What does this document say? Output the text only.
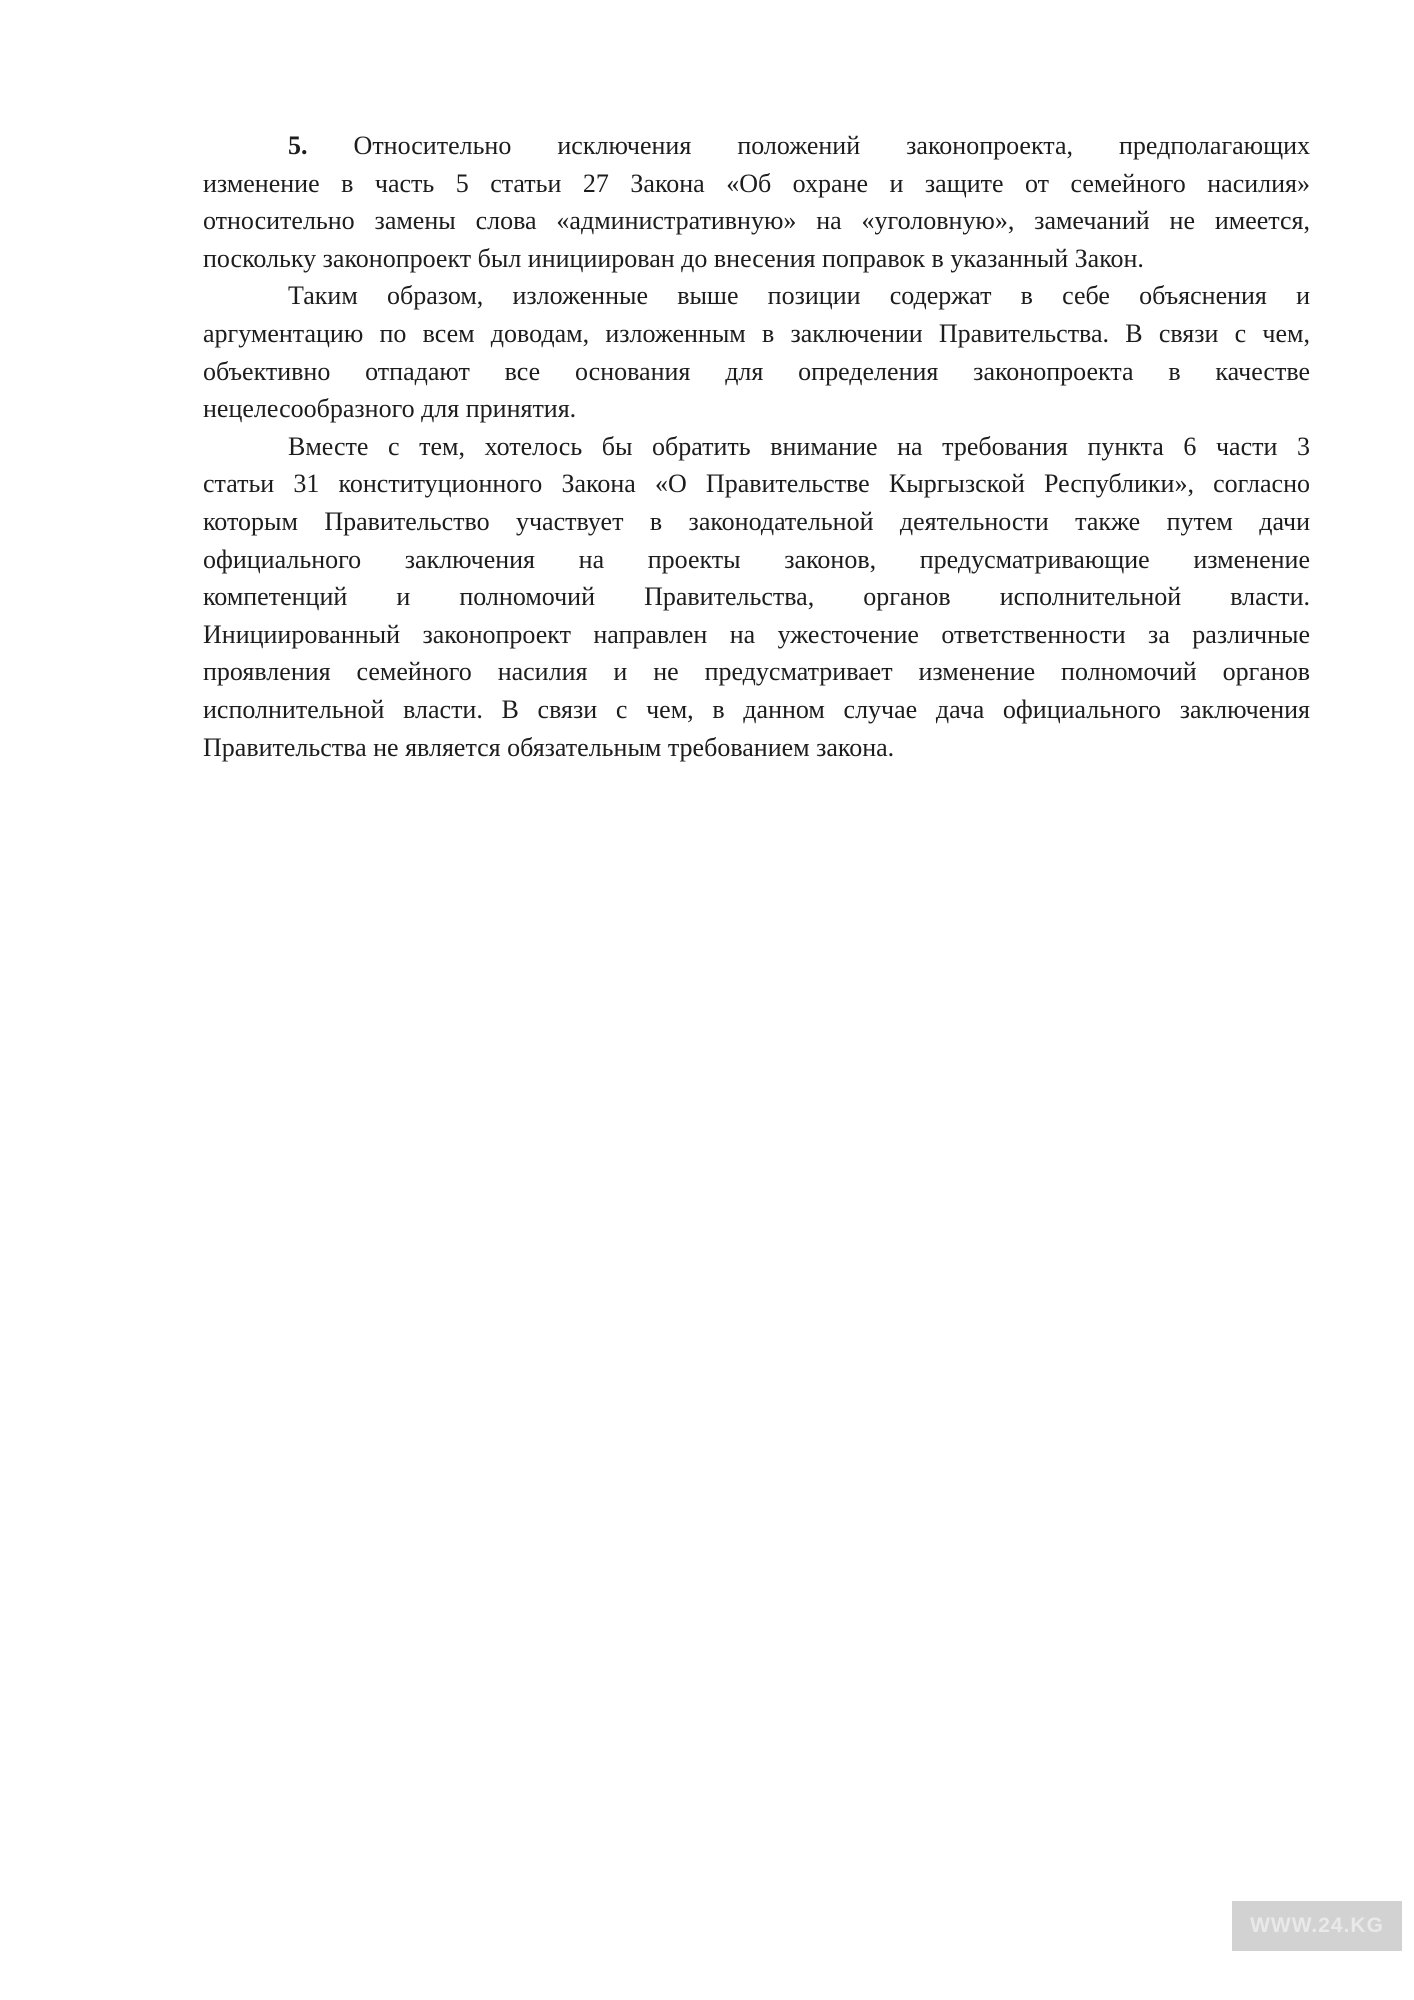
5. Относительно исключения положений законопроекта, предполагающих
изменение в часть 5 статьи 27 Закона «Об охране и защите от семейного насилия»
относительно замены слова «административную» на «уголовную», замечаний не имеется,
поскольку законопроект был инициирован до внесения поправок в указанный Закон.
Таким образом, изложенные выше позиции содержат в себе объяснения и
аргументацию по всем доводам, изложенным в заключении Правительства. В связи с чем,
объективно отпадают все основания для определения законопроекта в качестве
нецелесообразного для принятия.
Вместе с тем, хотелось бы обратить внимание на требования пункта 6 части 3
статьи 31 конституционного Закона «О Правительстве Кыргызской Республики», согласно
которым Правительство участвует в законодательной деятельности также путем дачи
официального заключения на проекты законов, предусматривающие изменение
компетенций и полномочий Правительства, органов исполнительной власти.
Инициированный законопроект направлен на ужесточение ответственности за различные
проявления семейного насилия и не предусматривает изменение полномочий органов
исполнительной власти. В связи с чем, в данном случае дача официального заключения
Правительства не является обязательным требованием закона.
WWW.24.KG
